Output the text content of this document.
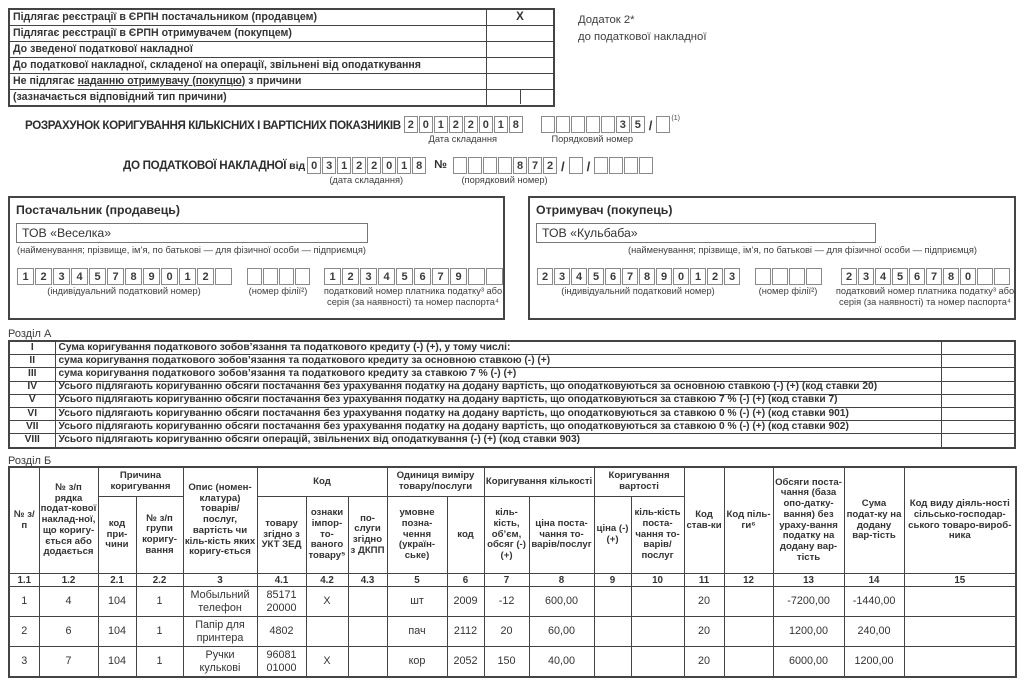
Підлягає реєстрації в ЄРПН постачальником (продавцем)	X
Підлягає реєстрації в ЄРПН отримувачем (покупцем)	
До зведеної податкової накладної	
До податкової накладної, складеної на операції, звільнені від оподаткування	
Не підлягає наданню отримувачу (покупцю) з причини	
(зазначається відповідний тип причини)	
Додаток 2*
до податкової накладної
РОЗРАХУНОК КОРИГУВАННЯ КІЛЬКІСНИХ І ВАРТІСНИХ ПОКАЗНИКІВ 2 0 1 2 2 0 1 8
Дата складання
3 5
Порядковий номер
/	(1)
ДО ПОДАТКОВОЇ НАКЛАДНОЇ від 0 3 1 2 2 0 1 8
(дата складання)
№	8 7 2
(порядковий номер)
/ /
Постачальник (продавець)
ТОВ «Веселка»
(найменування; прізвище, ім’я, по батькові — для фізичної особи — підприємця)
1	2	3	4	5	7	8	9	0	1	2
(індивідуальний податковий номер)	(номер філії²)
1	2	3	4	5	6	7	9
податковий номер платника податку³ або серія (за наявності) та номер паспорта⁴
Отримувач (покупець)
ТОВ «Кульбаба»
(найменування; прізвище, ім’я, по батькові — для фізичної особи — підприємця)
2 3 4 5 6 7 8 9 0 1 2 3
(індивідуальний податковий номер)	(номер філії²)
2 3 4 5 6 7 8 0
податковий номер платника податку³ або серія (за наявності) та номер паспорта⁴
Розділ А
I	Сума коригування податкового зобов’язання та податкового кредиту (-) (+), у тому числі:	
II	сума коригування податкового зобов’язання та податкового кредиту за основною ставкою (-) (+)	
III	сума коригування податкового зобов’язання та податкового кредиту за ставкою 7 % (-) (+)	
IV	Усього підлягають коригуванню обсяги постачання без урахування податку на додану вартість, що оподатковуються за основною ставкою (-) (+) (код ставки 20)	
V	Усього підлягають коригуванню обсяги постачання без урахування податку на додану вартість, що оподатковуються за ставкою 7 % (-) (+) (код ставки 7)	
VI	Усього підлягають коригуванню обсяги постачання без урахування податку на додану вартість, що оподатковуються за ставкою 0 % (-) (+) (код ставки 901)	
VII	Усього підлягають коригуванню обсяги постачання без урахування податку на додану вартість, що оподатковуються за ставкою 0 % (-) (+) (код ставки 902)	
VIII	Усього підлягають коригуванню обсяги операцій, звільнених від оподаткування (-) (+) (код ставки 903)	
Розділ Б
№ з/п	№ з/п рядка подат-кової наклад-ної, що коригу-ється або додається	Причина коригування		Опис (номен-клатура) товарів/послуг, вартість чи кіль-кість яких коригу-ється	Код			Одиниця виміру товару/послуги		Коригування кількості		Коригування вартості		Код став-ки	Код піль-ги⁶	Обсяги поста-чання (база опо-датку-вання) без ураху-вання податку на додану вар-тість	Сума подат-ку на додану вар-тість	Код виду діяль-ності сільсько-господар-ського товаро-вироб-ника
		код при-чини	№ з/п групи коригу-вання		товару згідно з УКТ ЗЕД	ознаки імпор-то-ваного товару⁵	по-слуги згідно з ДКПП	умовне позна-чення (україн-ське)	код	кіль-кість, об’єм, обсяг (-) (+)	ціна поста-чання то-варів/послуг	ціна (-) (+)	кіль-кість поста-чання то-варів/послуг					
1.1	1.2	2.1	2.2	3	4.1	4.2	4.3	5	6	7	8	9	10	11	12	13	14	15
1	4	104	1	Мобыльний телефон	85171 20000	X		шт	2009	-12	600,00			20		-7200,00	-1440,00	
2	6	104	1	Папір для принтера	4802			пач	2112	20	60,00			20		1200,00	240,00	
3	7	104	1	Ручки кулькові	96081 01000	X		кор	2052	150	40,00			20		6000,00	1200,00	
